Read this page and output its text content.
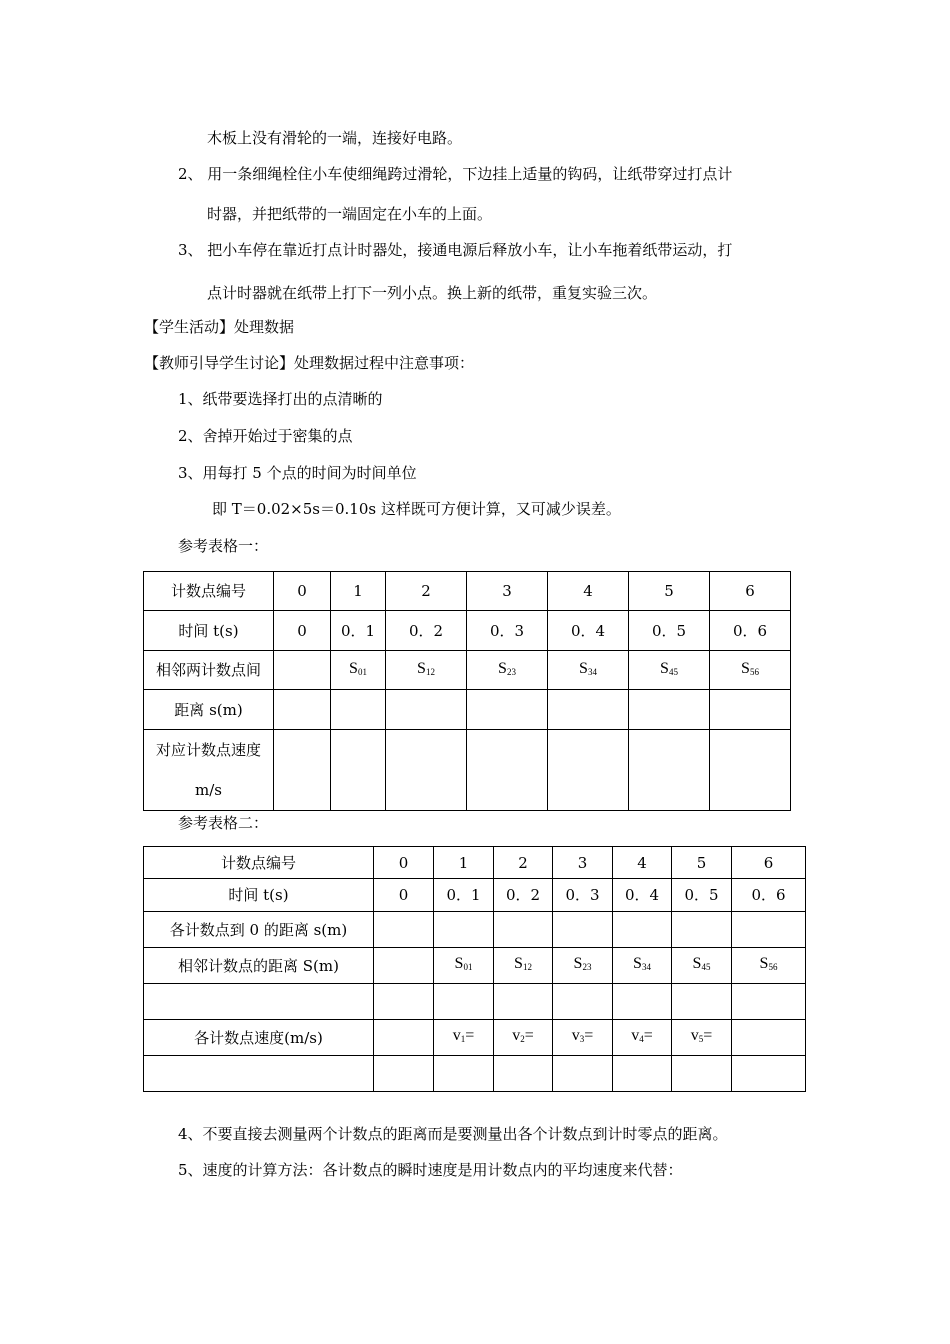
木板上没有滑轮的一端，连接好电路。
2、 用一条细绳栓住小车使细绳跨过滑轮，下边挂上适量的钩码，让纸带穿过打点计
时器，并把纸带的一端固定在小车的上面。
3、 把小车停在靠近打点计时器处，接通电源后释放小车，让小车拖着纸带运动，打
点计时器就在纸带上打下一列小点。换上新的纸带，重复实验三次。
【学生活动】处理数据
【教师引导学生讨论】处理数据过程中注意事项：
1、纸带要选择打出的点清晰的
2、舍掉开始过于密集的点
3、用每打 5 个点的时间为时间单位
即 T＝0.02×5s＝0.10s 这样既可方便计算，又可减少误差。
参考表格一：
计数点编号	0	1	2	3	4	5	6
时间 t(s)	0	0．1	0．2	0．3	0．4	0．5	0．6
相邻两计数点间		$S_{01}$	$S_{12}$	$S_{23}$	$S_{34}$	$S_{45}$	$S_{56}$
距离 s(m)							

对应计数点速度
m/s							

参考表格二：
计数点编号	0	1	2	3	4	5	6
时间 t(s)	0	0．1	0．2	0．3	0．4	0．5	0．6
各计数点到 0 的距离 s(m)							
相邻计数点的距离 S(m)		$S_{01}$	$S_{12}$	$S_{23}$	$S_{34}$	$S_{45}$	$S_{56}$

各计数点速度(m/s)		$v_1=$	$v_2=$	$v_3=$	$v_4=$	$v_5=$	

4、不要直接去测量两个计数点的距离而是要测量出各个计数点到计时零点的距离。
5、速度的计算方法：各计数点的瞬时速度是用计数点内的平均速度来代替：
